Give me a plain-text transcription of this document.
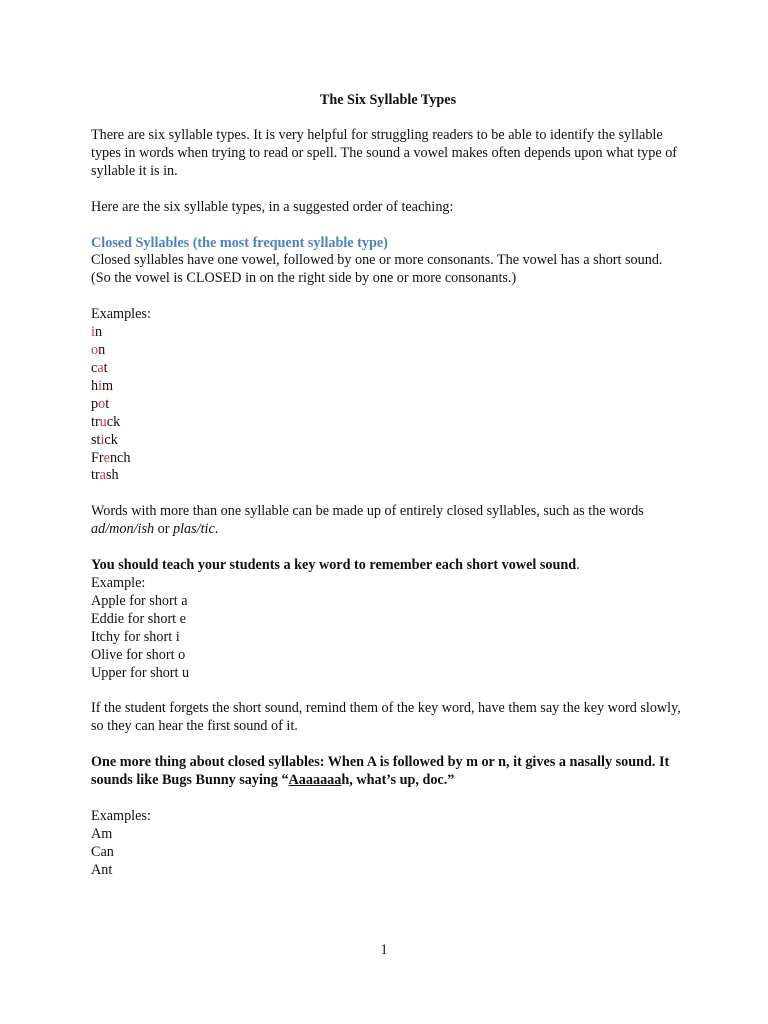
The Six Syllable Types

There are six syllable types. It is very helpful for struggling readers to be able to identify the syllable types in words when trying to read or spell. The sound a vowel makes often depends upon what type of syllable it is in.

Here are the six syllable types, in a suggested order of teaching:

Closed Syllables (the most frequent syllable type)

Closed syllables have one vowel, followed by one or more consonants. The vowel has a short sound. (So the vowel is CLOSED in on the right side by one or more consonants.)

Examples:

in
on
cat
him
pot
truck
stick
French
trash

Words with more than one syllable can be made up of entirely closed syllables, such as the words ad/mon/ish or plas/tic.

You should teach your students a key word to remember each short vowel sound.

Example:

Apple for short a
Eddie for short e
Itchy for short i
Olive for short o
Upper for short u

If the student forgets the short sound, remind them of the key word, have them say the key word slowly, so they can hear the first sound of it.

One more thing about closed syllables: When A is followed by m or n, it gives a nasally sound. It sounds like Bugs Bunny saying “Aaaaaaah, what’s up, doc.”

Examples:

Am
Can
Ant
1
